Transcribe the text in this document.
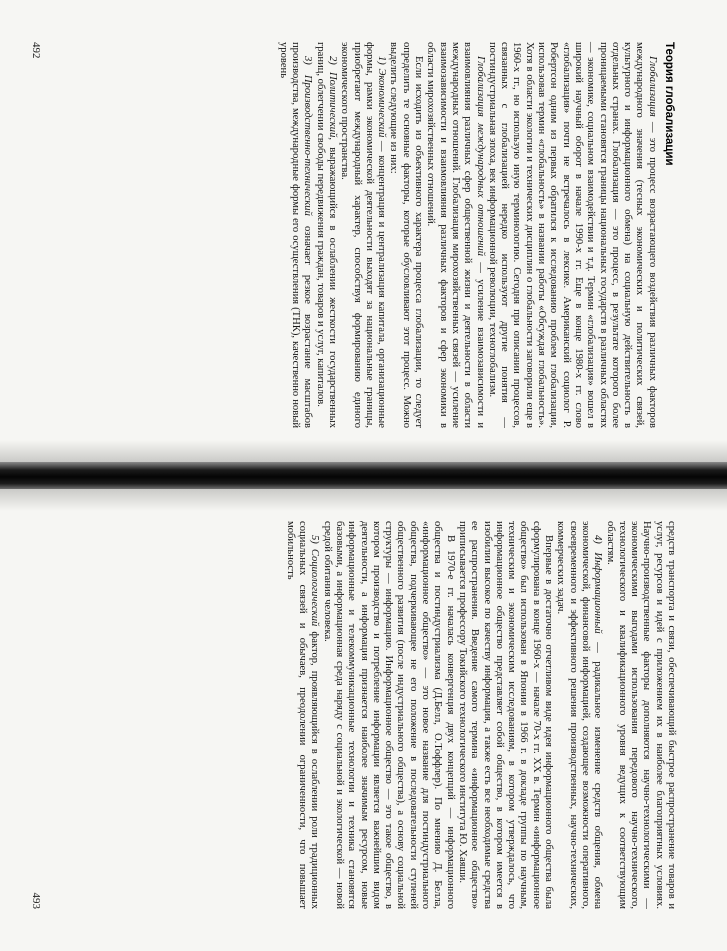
Теория глобализации

Глобализация — это процесс возрастающего воздействия различных факторов международного значения (тесных экономических и политических связей, культурного и информационного обмена) на социальную действительность в отдельных странах. Глобализация — это процесс, в результате которого более проницаемыми становятся границы национальных государств в различных областях — экономике, социальном взаимодействии и т.д. Термин «глобализация» вошел в широкий научный оборот в начале 1990-х гг. Еще в конце 1980-х гг. слово «глобализация» почти не встречалось в лексике. Американский социолог Р. Робертсон одним из первых обратился к исследованию проблем глобализации, использовав термин «глобальность» в названии работы «Обсуждая глобальность». Хотя в области экологии и технических дисциплин о глобальности заговорили еще в 1960-х гг., но использую иную терминологию. Сегодня при описании процессов, связанных с глобализацией нередко используют другие понятия — постиндустриальная эпоха, век информационной революции, технoглобализм.

Глобализация международных отношений — усиление взаимозависимости и взаимовлияния различных сфер общественной жизни и деятельности в области международных отношений. Глобализация мирохозяйственных связей — усиление взаимозависимости и взаимовлияния различных факторов и сфер экономики в области мирохозяйственных отношений.

Если исходить из объективного характера процесса глобализации, то следует определить те основные факторы, которые обусловливают этот процесс. Можно выделить следующие из них:

1) Экономический — концентрация и централизация капитала, организационные формы, рамки экономической деятельности выходят за национальные границы, приобретают международный характер, способствуя формированию единого экономического пространства.

2) Политический, выражающийся в ослаблении жесткости государственных границ, облегчении свободы передвижения граждан, товаров и услуг, капиталов.

3) Производственно-технический означает резкое возрастание масштабов производства, международные формы его осуществления (ТНК), качественно новый уровень

492

средств транспорта и связи, обеспечивающий быстрое распространение товаров и услуг, ресурсов и идей с приложением их в наиболее благоприятных условиях. Научно-производственные факторы дополняются научно-технологическими — экономическими выгодами использования передового научно-технического, технологического и квалификационного уровня ведущих к соответствующим областям.

4) Информационный — радикальное изменение средств общения, обмена экономической, финансовой информацией, создающее возможности оперативного, своевременного и эффективного решения производственных, научно-технических, коммерческих задач.

Впервые в достаточно отчетливом виде идея информационного общества была сформулирована в конце 1960-х — начале 70-х гг. XX в. Термин «информационное общество» был использован в Японии в 1966 г. в докладе группы по научным, техническим и экономическим исследованиям, в котором утверждалось, что информационное общество представляет собой общество, в котором имеется в изобилии высокое по качеству информация, а также есть все необходимые средства ее распространения. Введение самого термина «информационное общество» приписывается профессору Токийского технологического института Ю. Хаяши.

В 1970-е гг. началась конвергенция двух концепций — информационного общества и постиндустриализма (Д.Белл, О.Тоффлер). По мнению Д. Белла, «информационное общество» — это новое название для постиндустриального общества, подчеркивающее не его положение в последовательности ступеней общественного развития (после индустриального общества), а основу социальной структуры — информацию. Информационное общество — это такое общество, в котором производство и потребление информации является важнейшим видом деятельности, а информация признается наиболее значимым ресурсом, новые информационные и телекоммуникационные технологии и техника становятся базовыми, а информационная среда наряду с социальной и экологической — новой средой обитания человека.

5) Социологический фактор, проявляющийся в ослаблении роли традиционных социальных связей и обычаев, преодолении ограниченности, что повышает мобильность

493
